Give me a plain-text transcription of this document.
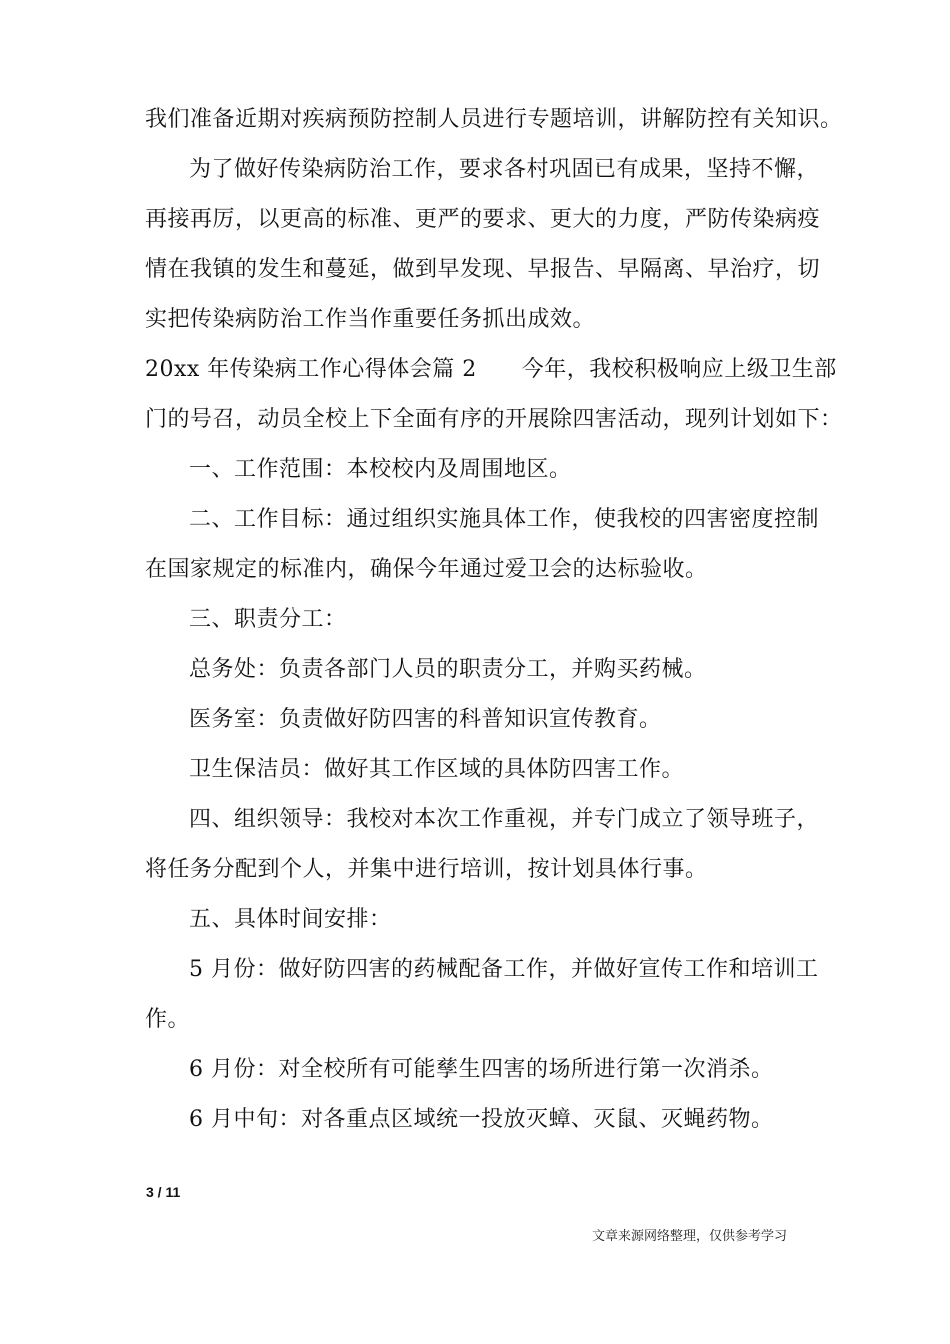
我们准备近期对疾病预防控制人员进行专题培训，讲解防控有关知识。
为了做好传染病防治工作，要求各村巩固已有成果，坚持不懈，
再接再厉，以更高的标准、更严的要求、更大的力度，严防传染病疫
情在我镇的发生和蔓延，做到早发现、早报告、早隔离、早治疗，切
实把传染病防治工作当作重要任务抓出成效。
20xx 年传染病工作心得体会篇 2　　今年，我校积极响应上级卫生部
门的号召，动员全校上下全面有序的开展除四害活动，现列计划如下：
一、工作范围：本校校内及周围地区。
二、工作目标：通过组织实施具体工作，使我校的四害密度控制
在国家规定的标准内，确保今年通过爱卫会的达标验收。
三、职责分工：
总务处：负责各部门人员的职责分工，并购买药械。
医务室：负责做好防四害的科普知识宣传教育。
卫生保洁员：做好其工作区域的具体防四害工作。
四、组织领导：我校对本次工作重视，并专门成立了领导班子，
将任务分配到个人，并集中进行培训，按计划具体行事。
五、具体时间安排：
5 月份：做好防四害的药械配备工作，并做好宣传工作和培训工
作。
6 月份：对全校所有可能孳生四害的场所进行第一次消杀。
6 月中旬：对各重点区域统一投放灭蟑、灭鼠、灭蝇药物。
3 / 11
文章来源网络整理，仅供参考学习
